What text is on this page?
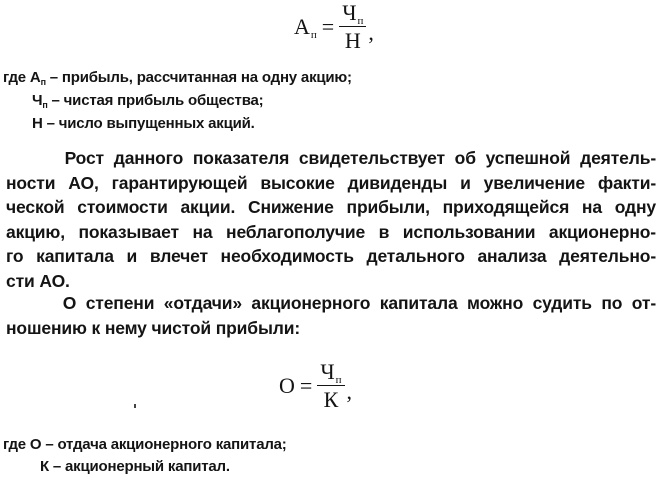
А $п = \frac{\text{Ч п}}{Н}$ ,
где $А_п$ – прибыль, рассчитанная на одну акцию;
$Ч_п$ – чистая прибыль общества;
Н – число выпущенных акций.
Рост данного показателя свидетельствует об успешной деятель-
ности АО, гарантирующей высокие дивиденды и увеличение факти-
ческой стоимости акции. Снижение прибыли, приходящейся на одну
акцию, показывает на неблагополучие в использовании акционерно-
го капитала и влечет необходимость детального анализа деятельно-
сти АО.
О степени «отдачи» акционерного капитала можно судить по от-
ношению к нему чистой прибыли:
$О = \frac{\text{Ч п}}{К}$ ,
где О – отдача акционерного капитала;
К – акционерный капитал.
